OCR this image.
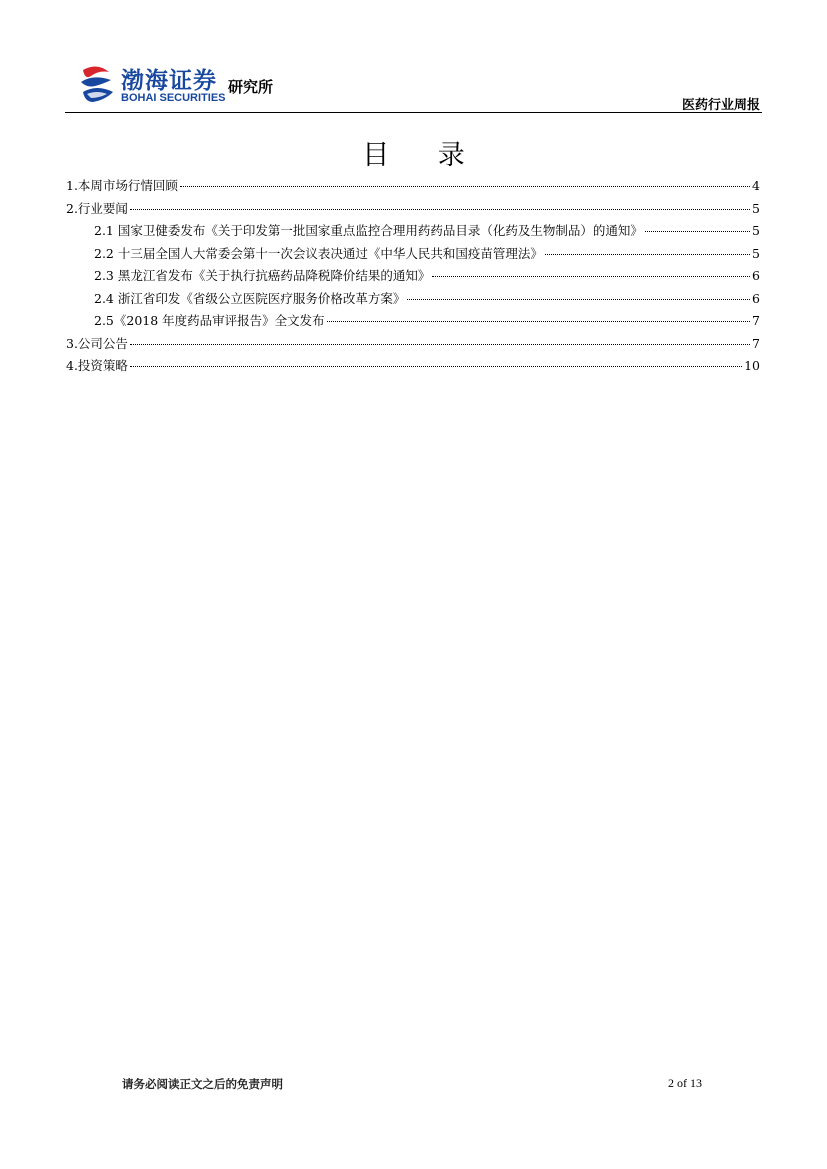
渤海证券
BOHAI SECURITIES
研究所
医药行业周报
目 录
1.本周市场行情回顾	4
2.行业要闻	5
2.1 国家卫健委发布《关于印发第一批国家重点监控合理用药药品目录（化药及生物制品）的通知》	5
2.2 十三届全国人大常委会第十一次会议表决通过《中华人民共和国疫苗管理法》	5
2.3 黑龙江省发布《关于执行抗癌药品降税降价结果的通知》	6
2.4 浙江省印发《省级公立医院医疗服务价格改革方案》	6
2.5《2018 年度药品审评报告》全文发布	7
3.公司公告	7
4.投资策略	10
请务必阅读正文之后的免责声明	2 of 13
